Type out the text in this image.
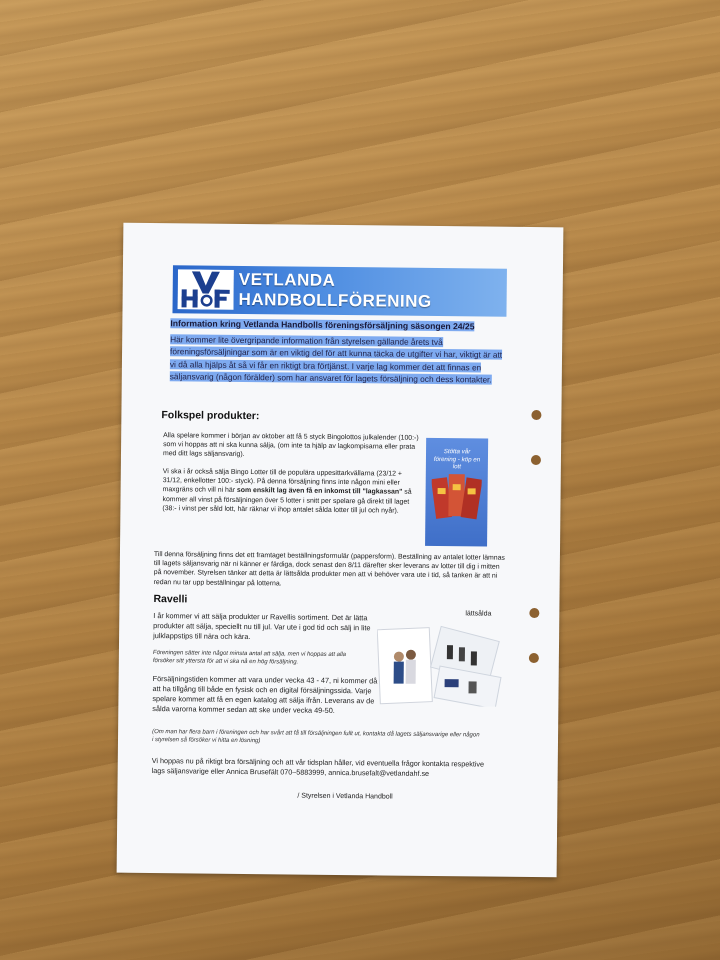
VETLANDA
HANDBOLLFÖRENING
Information kring Vetlanda Handbolls föreningsförsäljning säsongen 24/25
Här kommer lite övergripande information från styrelsen gällande årets två föreningsförsäljningar som är en viktig del för att kunna täcka de utgifter vi har, viktigt är att vi då alla hjälps åt så vi får en riktigt bra förtjänst. I varje lag kommer det att finnas en säljansvarig (någon förälder) som har ansvaret för lagets försäljning och dess kontakter.
Folkspel produkter:
Alla spelare kommer i början av oktober att få 5 styck Bingolottos julkalender (100:-) som vi hoppas att ni ska kunna sälja, (om inte ta hjälp av lagkompisarna eller prata med ditt lags säljansvarig).
Vi ska i år också sälja Bingo Lotter till de populära uppesittarkvällarna (23/12 + 31/12, enkellotter 100:- styck). På denna försäljning finns inte någon mini eller maxgräns och vill ni här som enskilt lag även få en inkomst till "lagkassan" så kommer all vinst på försäljningen över 5 lotter i snitt per spelare gå direkt till laget (38:- i vinst per såld lott, här räknar vi ihop antalet sålda lotter till jul och nyår).
Stötta vår förening - köp en lott
Till denna försäljning finns det ett framtaget beställningsformulär (pappersform). Beställning av antalet lotter lämnas till lagets säljansvarig när ni känner er färdiga, dock senast den 8/11 därefter sker leverans av lotter till dig i mitten på november. Styrelsen tänker att detta är lättsålda produkter men att vi behöver vara ute i tid, så tanken är att ni redan nu tar upp beställningar på lotterna.
Ravelli
I år kommer vi att sälja produkter ur Ravellis sortiment. Det är lätta produkter att sälja, speciellt nu till jul. Var ute i god tid och sälj in lite julklappstips till nära och kära.
Föreningen sätter inte något minsta antal att sälja, men vi hoppas att alla försöker sitt yttersta för att vi ska nå en hög försäljning.
lättsålda
Försäljningstiden kommer att vara under vecka 43 - 47, ni kommer då att ha tillgång till både en fysisk och en digital försäljningssida. Varje spelare kommer att få en egen katalog att sälja ifrån. Leverans av de sålda varorna kommer sedan att ske under vecka 49-50.
(Om man har flera barn i föreningen och har svårt att få till försäljningen fullt ut, kontakta då lagets säljansvarige eller någon i styrelsen så försöker vi hitta en lösning)
Vi hoppas nu på riktigt bra försäljning och att vår tidsplan håller, vid eventuella frågor kontakta respektive lags säljansvarige eller Annica Brusefält 070–5883999, annica.brusefalt@vetlandahf.se
/ Styrelsen i Vetlanda Handboll
